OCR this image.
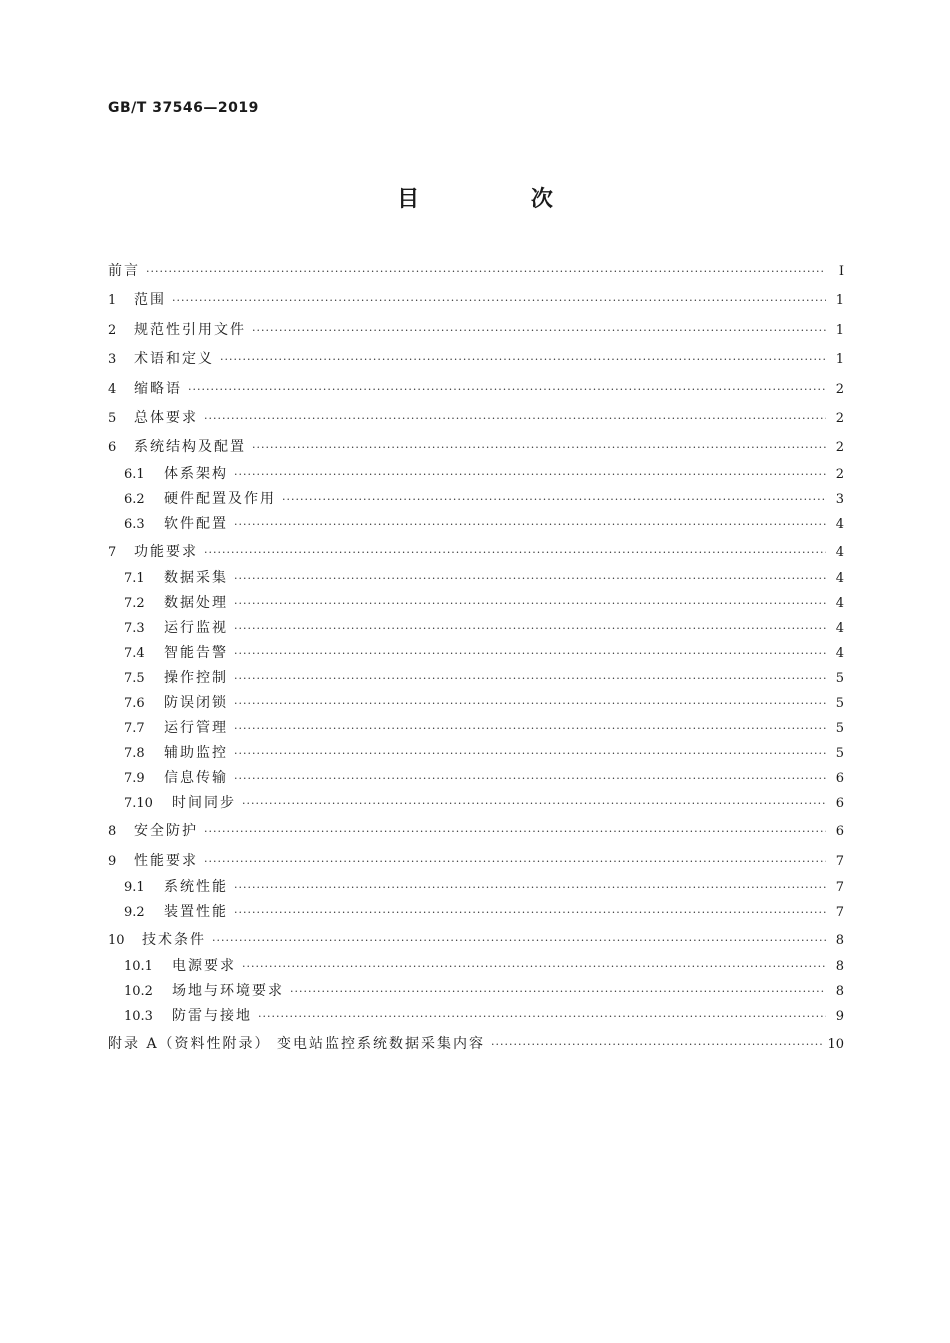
GB/T 37546—2019
目 次
前言 ·····	Ⅰ
1	范围 ·····	1
2	规范性引用文件 ·····	1
3	术语和定义 ·····	1
4	缩略语 ·····	2
5	总体要求 ·····	2
6	系统结构及配置 ·····	2
6.1	体系架构 ·····	2
6.2	硬件配置及作用 ·····	3
6.3	软件配置 ·····	4
7	功能要求 ·····	4
7.1	数据采集 ·····	4
7.2	数据处理 ·····	4
7.3	运行监视 ·····	4
7.4	智能告警 ·····	4
7.5	操作控制 ·····	5
7.6	防误闭锁 ·····	5
7.7	运行管理 ·····	5
7.8	辅助监控 ·····	5
7.9	信息传输 ·····	6
7.10	时间同步 ·····	6
8	安全防护 ·····	6
9	性能要求 ·····	7
9.1	系统性能 ·····	7
9.2	装置性能 ·····	7
10	技术条件 ·····	8
10.1	电源要求 ·····	8
10.2	场地与环境要求 ·····	8
10.3	防雷与接地 ·····	9
附录 A（资料性附录） 变电站监控系统数据采集内容 ·····	10
